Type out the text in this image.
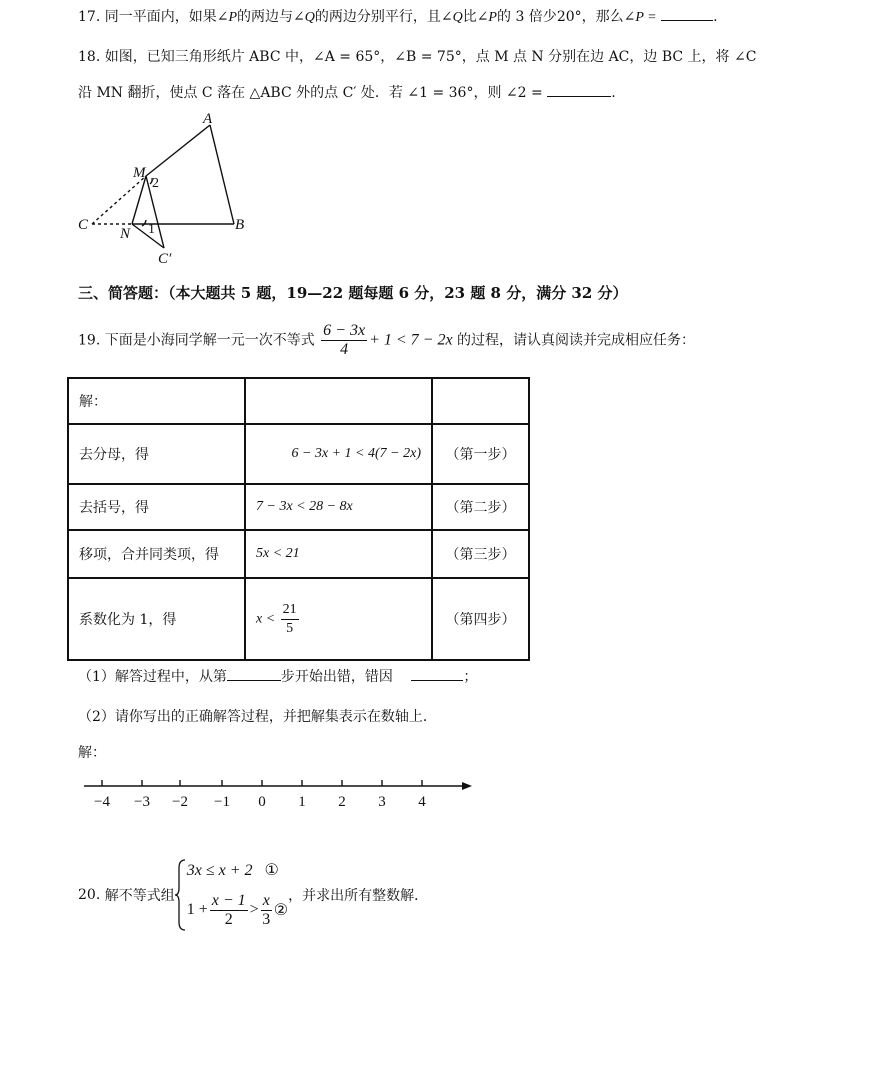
17. 同一平面内，如果∠P的两边与∠Q的两边分别平行，且∠Q比∠P的 3 倍少20°，那么∠P =	.
18. 如图，已知三角形纸片 ABC 中，∠A = 65°，∠B = 75°，点 M 点 N 分别在边 AC，边 BC 上，将 ∠C
沿 MN 翻折，使点 C 落在 △ABC 外的点 C′ 处．若 ∠1 = 36°，则 ∠2 =	.
A
B
C
M
N
C′
2
1
三、简答题：（本大题共 5 题，19—22 题每题 6 分，23 题 8 分，满分 32 分）
19. 下面是小海同学解一元一次不等式 $\frac{6 - 3x}{4} + 1 < 7 - 2x$ 的过程，请认真阅读并完成相应任务：
解：		
去分母，得	6 − 3x + 1 < 4(7 − 2x)	（第一步）
去括号，得	7 − 3x < 28 − 8x	（第二步）
移项，合并同类项，得	5x < 21	（第三步）
系数化为 1，得	$x < \frac{21}{5}$	（第四步）
（1）解答过程中，从第	步开始出错，错因	；
（2）请你写出的正确解答过程，并把解集表示在数轴上．
解：
−4 −3 −2 −1 0 1 2 3 4
20. 解不等式组
3x ≤ x + 2 ①
$1 + \frac{x - 1}{2} > \frac{x}{3}$ ②
，并求出所有整数解．
